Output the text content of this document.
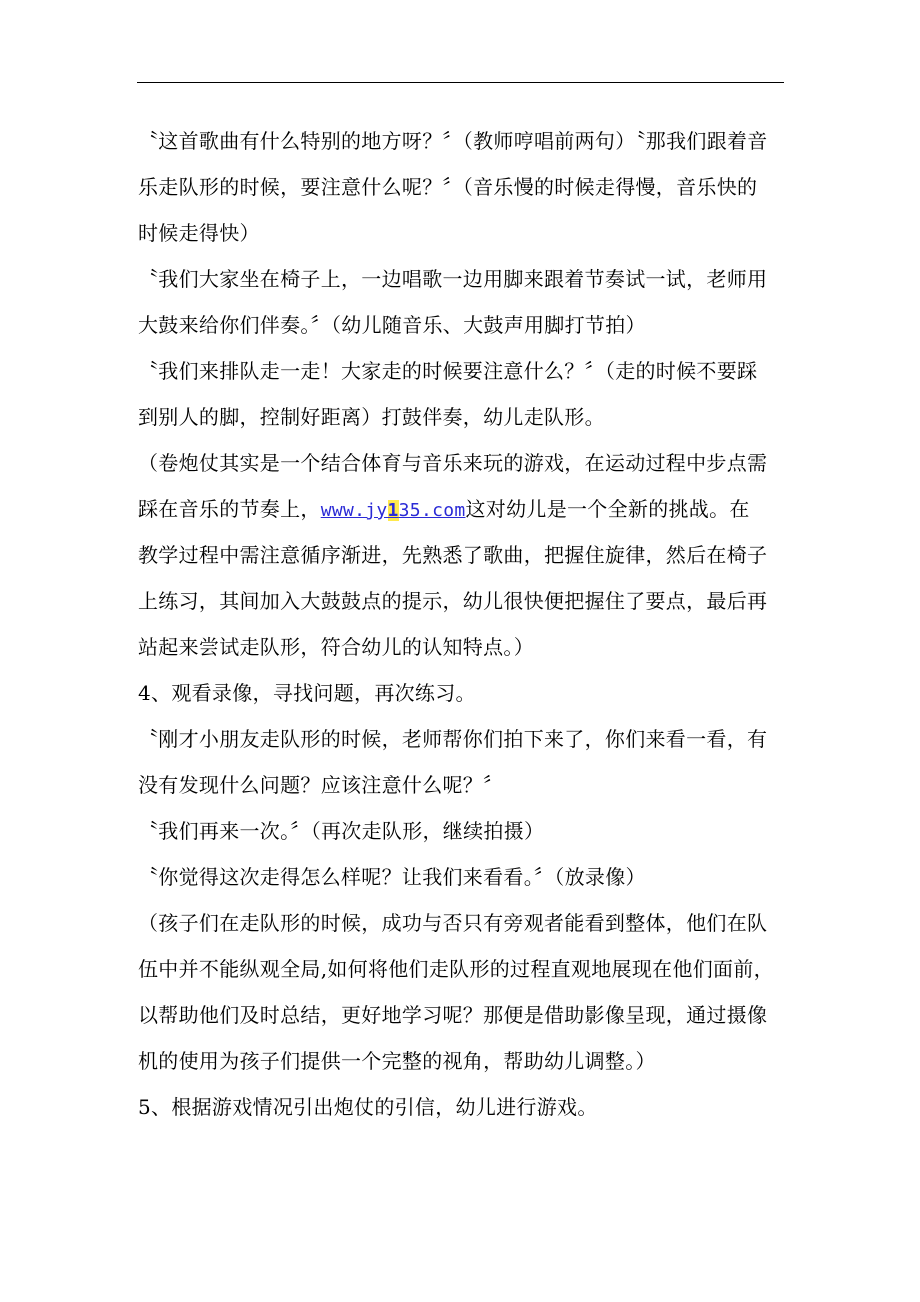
〝这首歌曲有什么特别的地方呀？〞（教师哼唱前两句）〝那我们跟着音
乐走队形的时候，要注意什么呢？〞（音乐慢的时候走得慢，音乐快的
时候走得快）
〝我们大家坐在椅子上，一边唱歌一边用脚来跟着节奏试一试，老师用
大鼓来给你们伴奏。〞（幼儿随音乐、大鼓声用脚打节拍）
〝我们来排队走一走！大家走的时候要注意什么？〞（走的时候不要踩
到别人的脚，控制好距离）打鼓伴奏，幼儿走队形。
（卷炮仗其实是一个结合体育与音乐来玩的游戏，在运动过程中步点需
踩在音乐的节奏上，www.jy135.com这对幼儿是一个全新的挑战。在
教学过程中需注意循序渐进，先熟悉了歌曲，把握住旋律，然后在椅子
上练习，其间加入大鼓鼓点的提示，幼儿很快便把握住了要点，最后再
站起来尝试走队形，符合幼儿的认知特点。）
4、观看录像，寻找问题，再次练习。
〝刚才小朋友走队形的时候，老师帮你们拍下来了，你们来看一看，有
没有发现什么问题？应该注意什么呢？〞
〝我们再来一次。〞（再次走队形，继续拍摄）
〝你觉得这次走得怎么样呢？让我们来看看。〞（放录像）
（孩子们在走队形的时候，成功与否只有旁观者能看到整体，他们在队
伍中并不能纵观全局,如何将他们走队形的过程直观地展现在他们面前，
以帮助他们及时总结，更好地学习呢？那便是借助影像呈现，通过摄像
机的使用为孩子们提供一个完整的视角，帮助幼儿调整。）
5、根据游戏情况引出炮仗的引信，幼儿进行游戏。
